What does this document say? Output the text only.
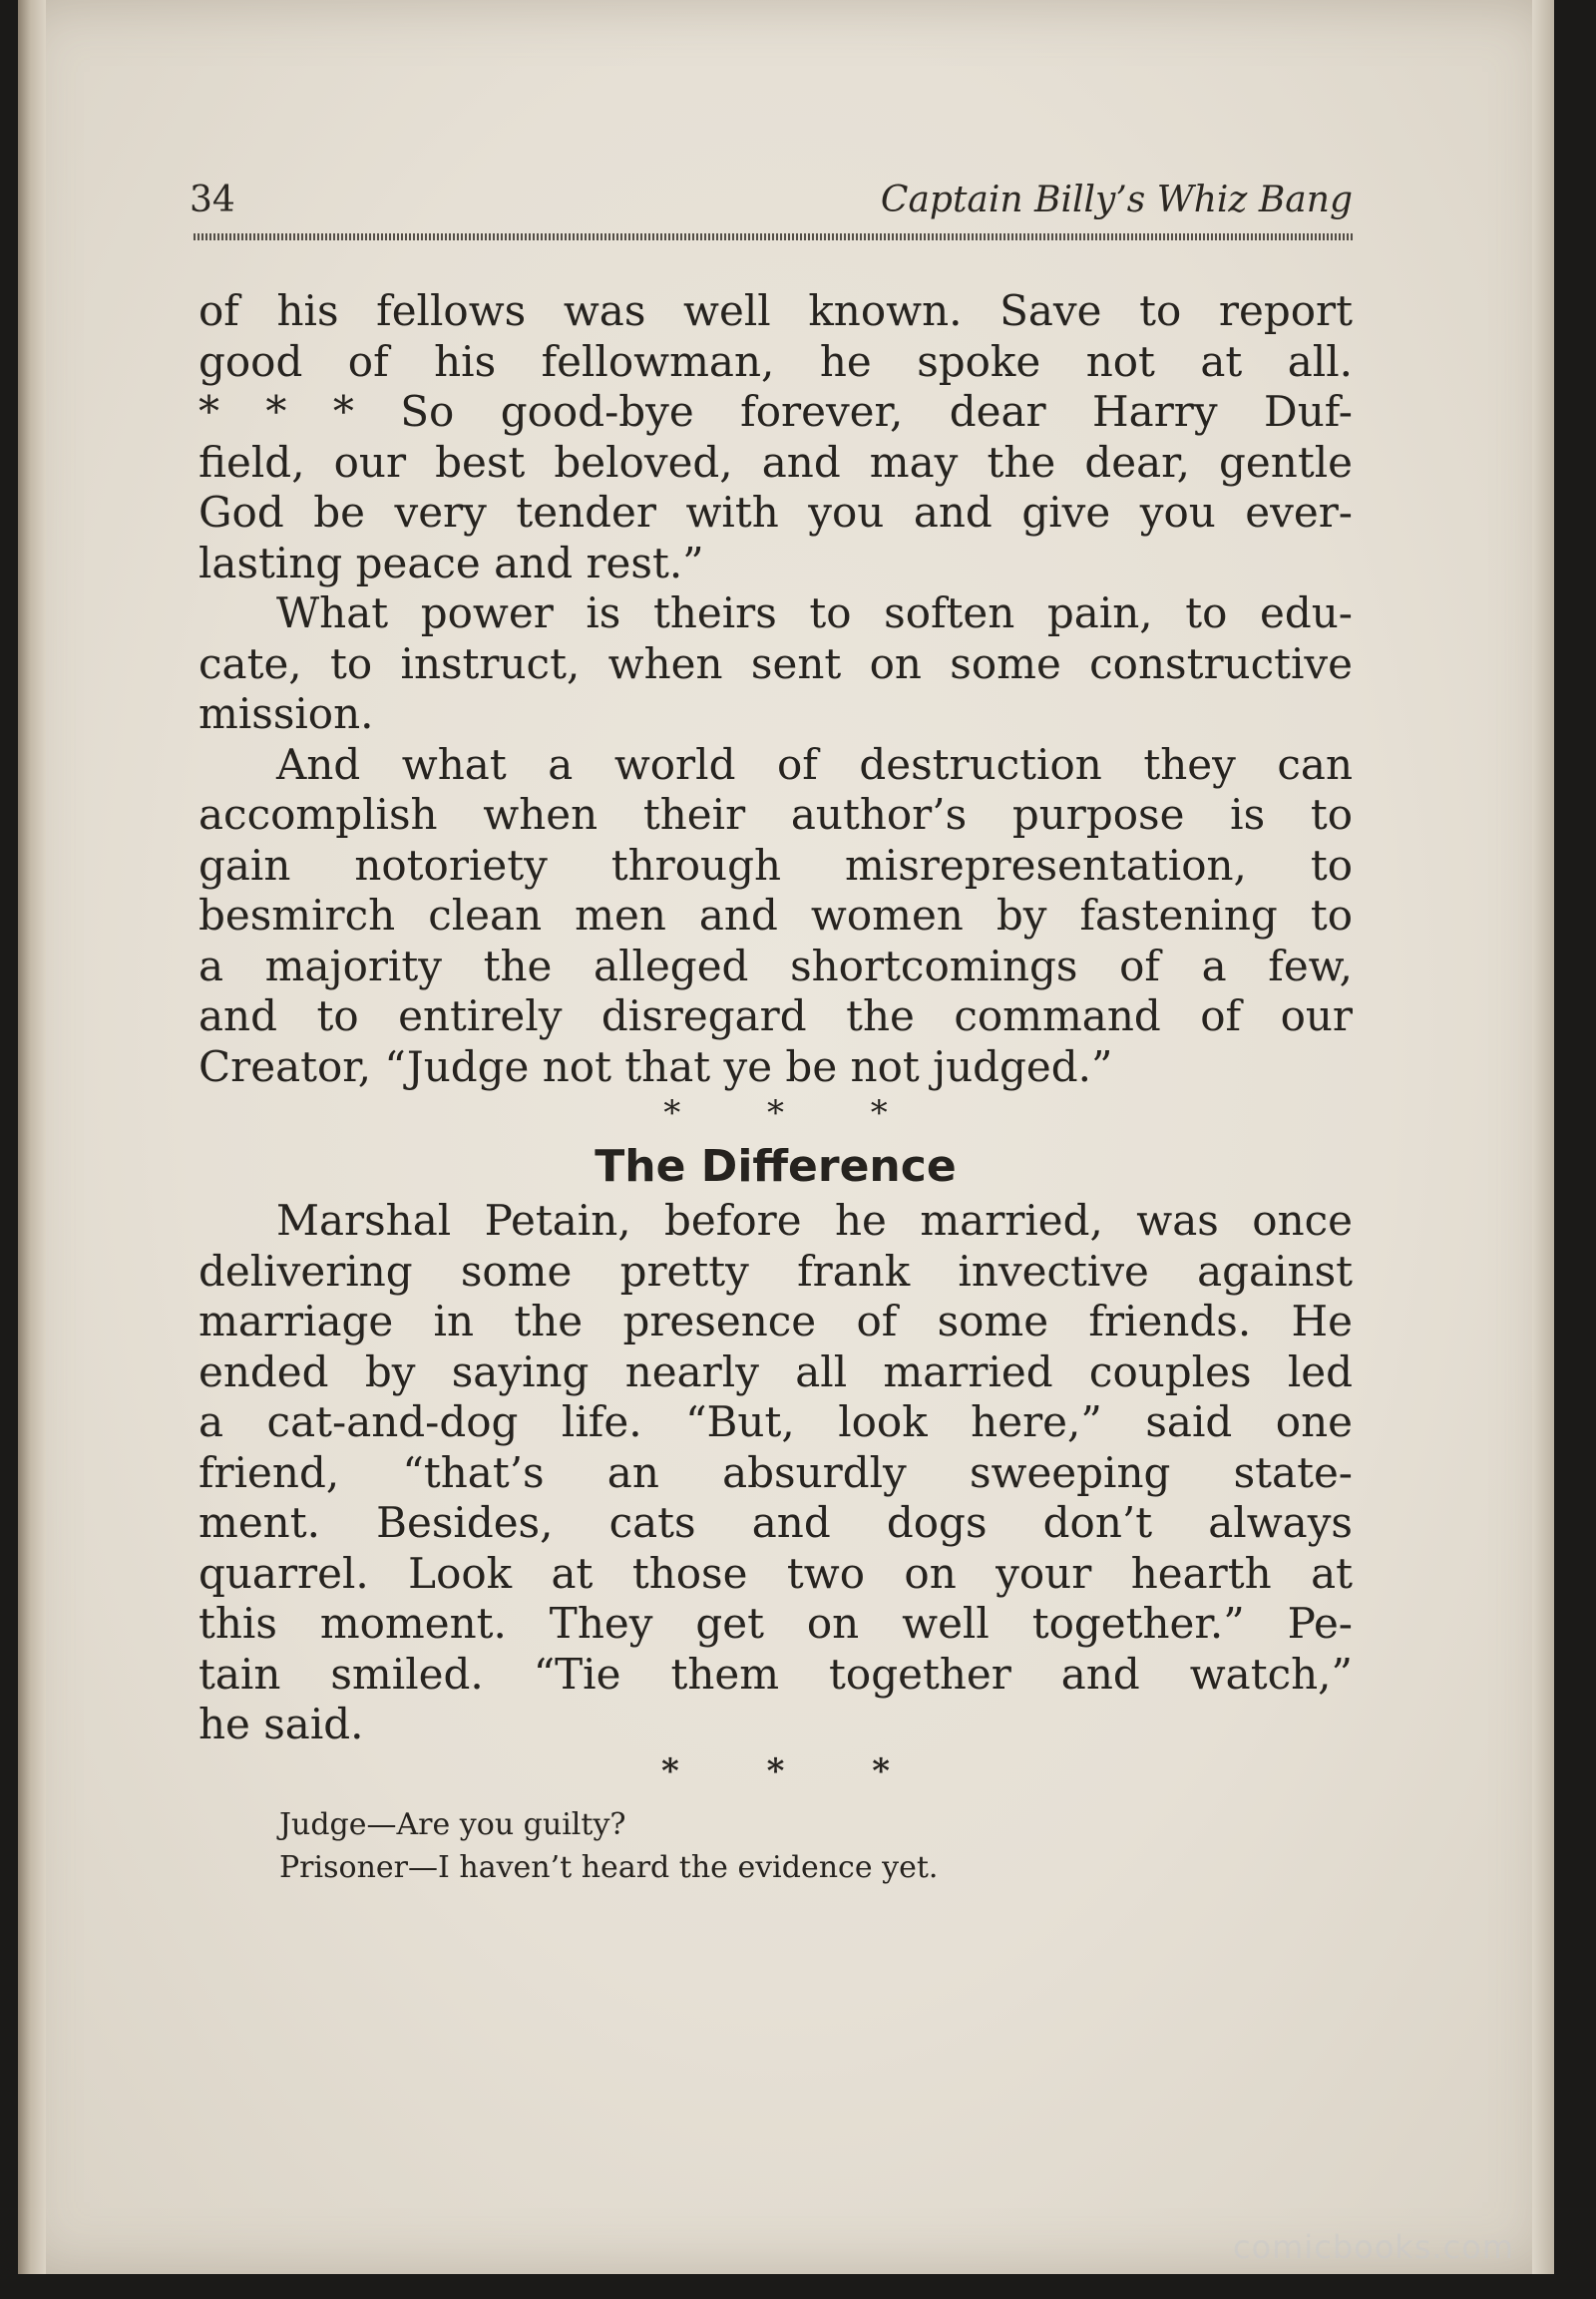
34	Captain Billy’s Whiz Bang
of his fellows was well known. Save to report
good of his fellowman, he spoke not at all.
* * * So good-bye forever, dear Harry Duf-
field, our best beloved, and may the dear, gentle
God be very tender with you and give you ever-
lasting peace and rest.”
What power is theirs to soften pain, to edu-
cate, to instruct, when sent on some constructive
mission.
And what a world of destruction they can
accomplish when their author’s purpose is to
gain notoriety through misrepresentation, to
besmirch clean men and women by fastening to
a majority the alleged shortcomings of a few,
and to entirely disregard the command of our
Creator, “Judge not that ye be not judged.”
* * *
The Difference
Marshal Petain, before he married, was once
delivering some pretty frank invective against
marriage in the presence of some friends. He
ended by saying nearly all married couples led
a cat-and-dog life. “But, look here,” said one
friend, “that’s an absurdly sweeping state-
ment. Besides, cats and dogs don’t always
quarrel. Look at those two on your hearth at
this moment. They get on well together.” Pe-
tain smiled. “Tie them together and watch,”
he said.
* * *
Judge—Are you guilty?
Prisoner—I haven’t heard the evidence yet.
comicbooks.com
